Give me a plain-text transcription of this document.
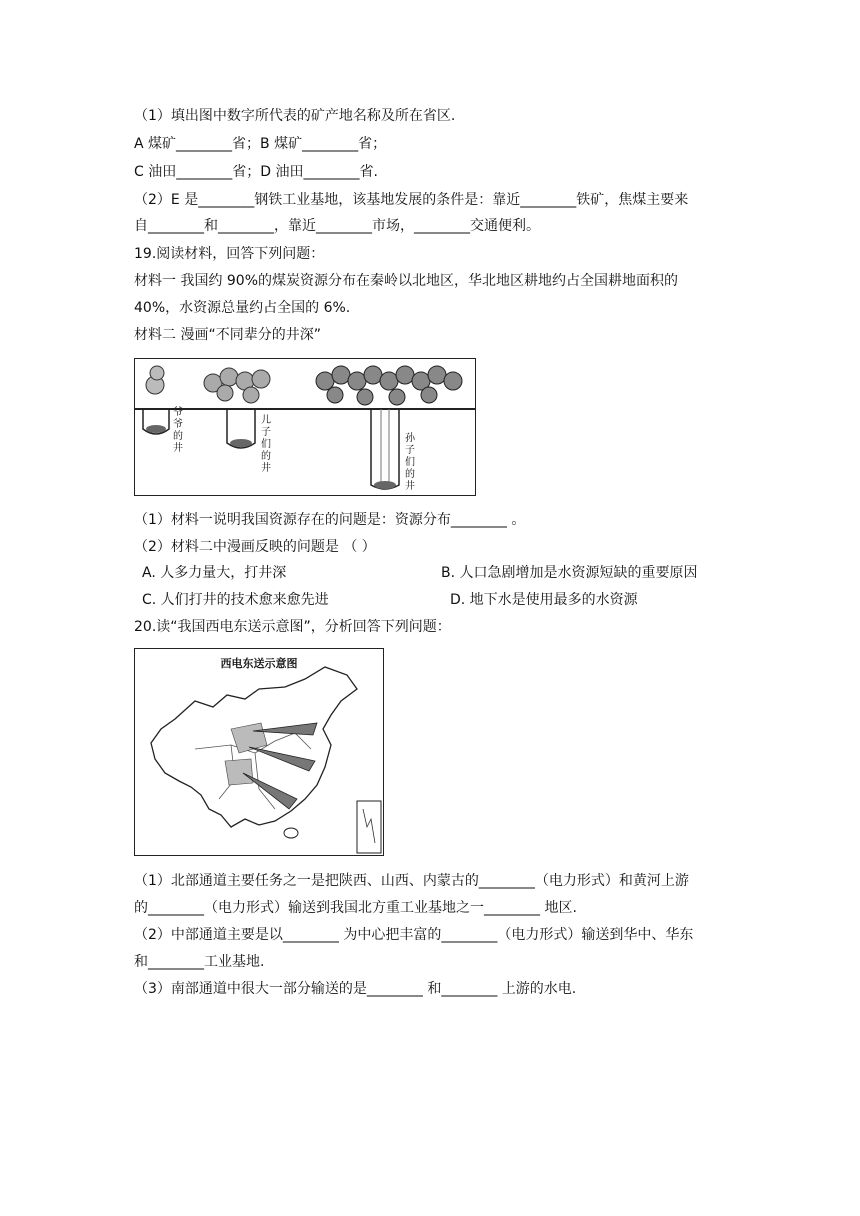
（1）填出图中数字所代表的矿产地名称及所在省区.
A 煤矿________省；B 煤矿________省；
C 油田________省；D 油田________省.
（2）E 是________钢铁工业基地，该基地发展的条件是：靠近________铁矿，焦煤主要来
自________和________，靠近________市场，________交通便利。
19.阅读材料，回答下列问题：
材料一 我国约 90%的煤炭资源分布在秦岭以北地区，华北地区耕地约占全国耕地面积的
40%，水资源总量约占全国的 6%.
材料二 漫画“不同辈分的井深”
爷爷的井
儿子们的井
孙子们的井
（1）材料一说明我国资源存在的问题是：资源分布________ 。
（2）材料二中漫画反映的问题是 （ ）
A. 人多力量大，打井深	B. 人口急剧增加是水资源短缺的重要原因
C. 人们打井的技术愈来愈先进	D. 地下水是使用最多的水资源
20.读“我国西电东送示意图”，分析回答下列问题：
西电东送示意图
（1）北部通道主要任务之一是把陕西、山西、内蒙古的________（电力形式）和黄河上游
的________（电力形式）输送到我国北方重工业基地之一________ 地区.
（2）中部通道主要是以________ 为中心把丰富的________（电力形式）输送到华中、华东
和________工业基地.
（3）南部通道中很大一部分输送的是________ 和________ 上游的水电.
